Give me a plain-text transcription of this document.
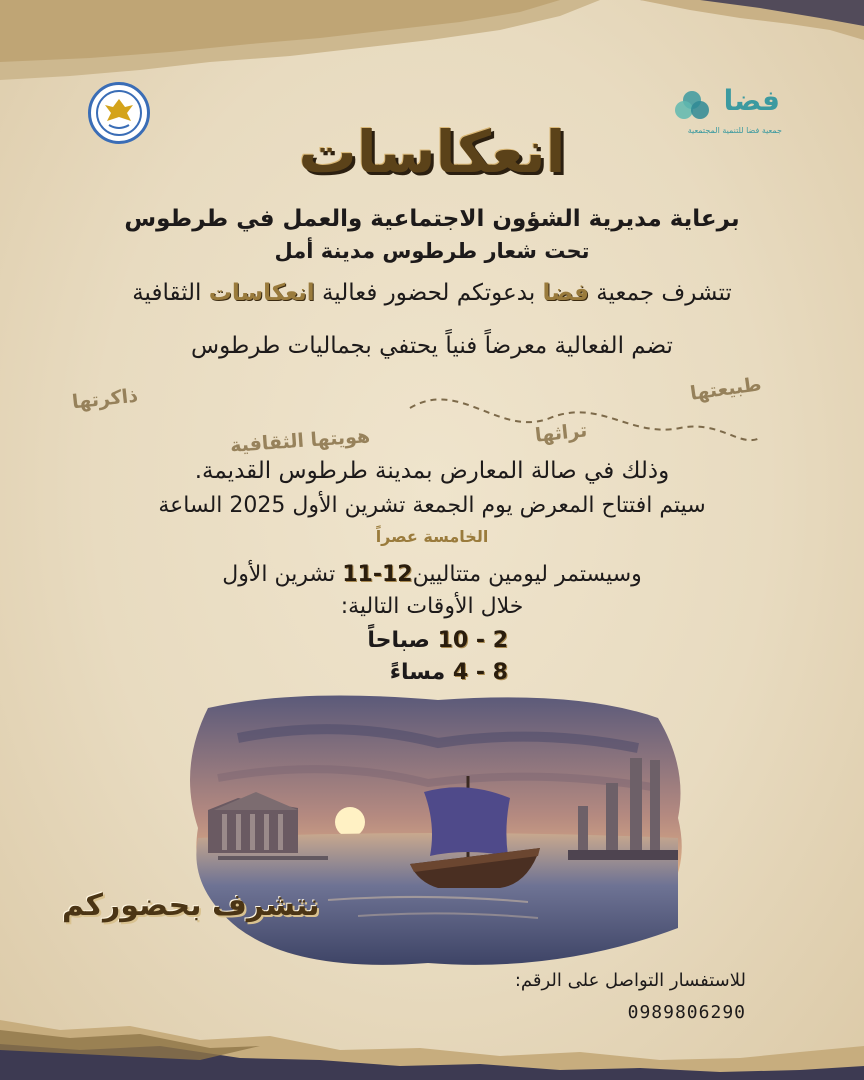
فضا
جمعية فضا للتنمية المجتمعية
انعكاسات
برعاية مديرية الشؤون الاجتماعية والعمل في طرطوس
تحت شعار طرطوس مدينة أمل
تتشرف جمعية فضا بدعوتكم لحضور فعالية انعكاسات الثقافية
تضم الفعالية معرضاً فنياً يحتفي بجماليات طرطوس
طبيعتها
ذاكرتها
تراثها
هويتها الثقافية
وذلك في صالة المعارض بمدينة طرطوس القديمة.
سيتم افتتاح المعرض يوم الجمعة تشرين الأول 2025 الساعة
الخامسة عصراً
وسيستمر ليومين متتاليين11-12 تشرين الأول
خلال الأوقات التالية:
10 - 2 صباحاً
4 - 8 مساءً
نتشرف بحضوركم
للاستفسار التواصل على الرقم:
0989806290
